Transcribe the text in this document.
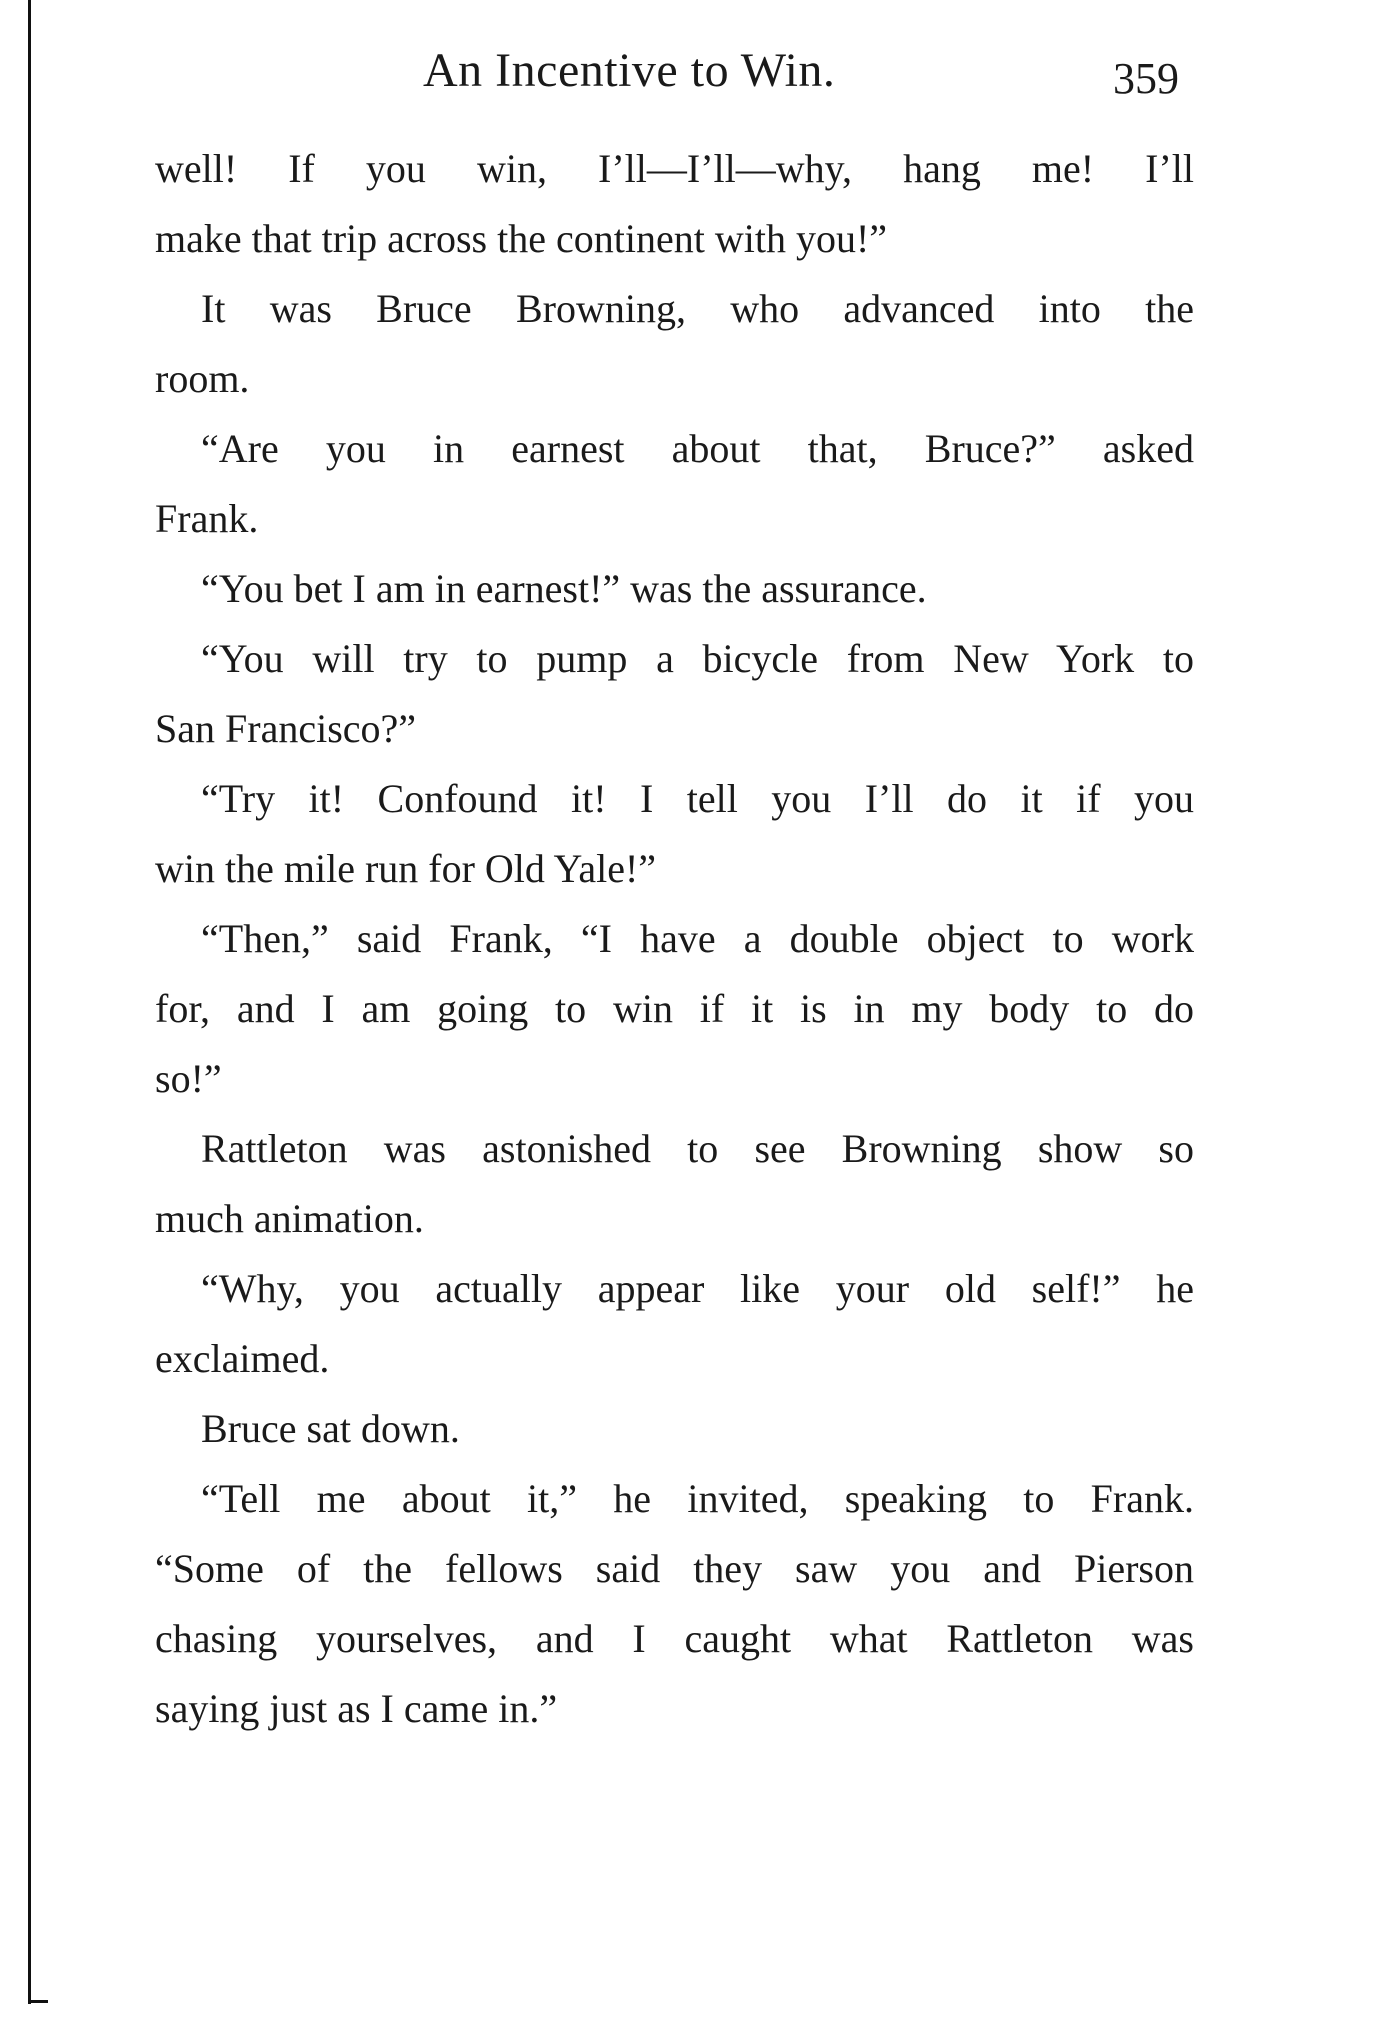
An Incentive to Win.	359
well! If you win, I’ll—I’ll—why, hang me! I’ll
make that trip across the continent with you!”
It was Bruce Browning, who advanced into the
room.
“Are you in earnest about that, Bruce?” asked
Frank.
“You bet I am in earnest!” was the assurance.
“You will try to pump a bicycle from New York to
San Francisco?”
“Try it! Confound it! I tell you I’ll do it if you
win the mile run for Old Yale!”
“Then,” said Frank, “I have a double object to work
for, and I am going to win if it is in my body to do
so!”
Rattleton was astonished to see Browning show so
much animation.
“Why, you actually appear like your old self!” he
exclaimed.
Bruce sat down.
“Tell me about it,” he invited, speaking to Frank.
“Some of the fellows said they saw you and Pierson
chasing yourselves, and I caught what Rattleton was
saying just as I came in.”
